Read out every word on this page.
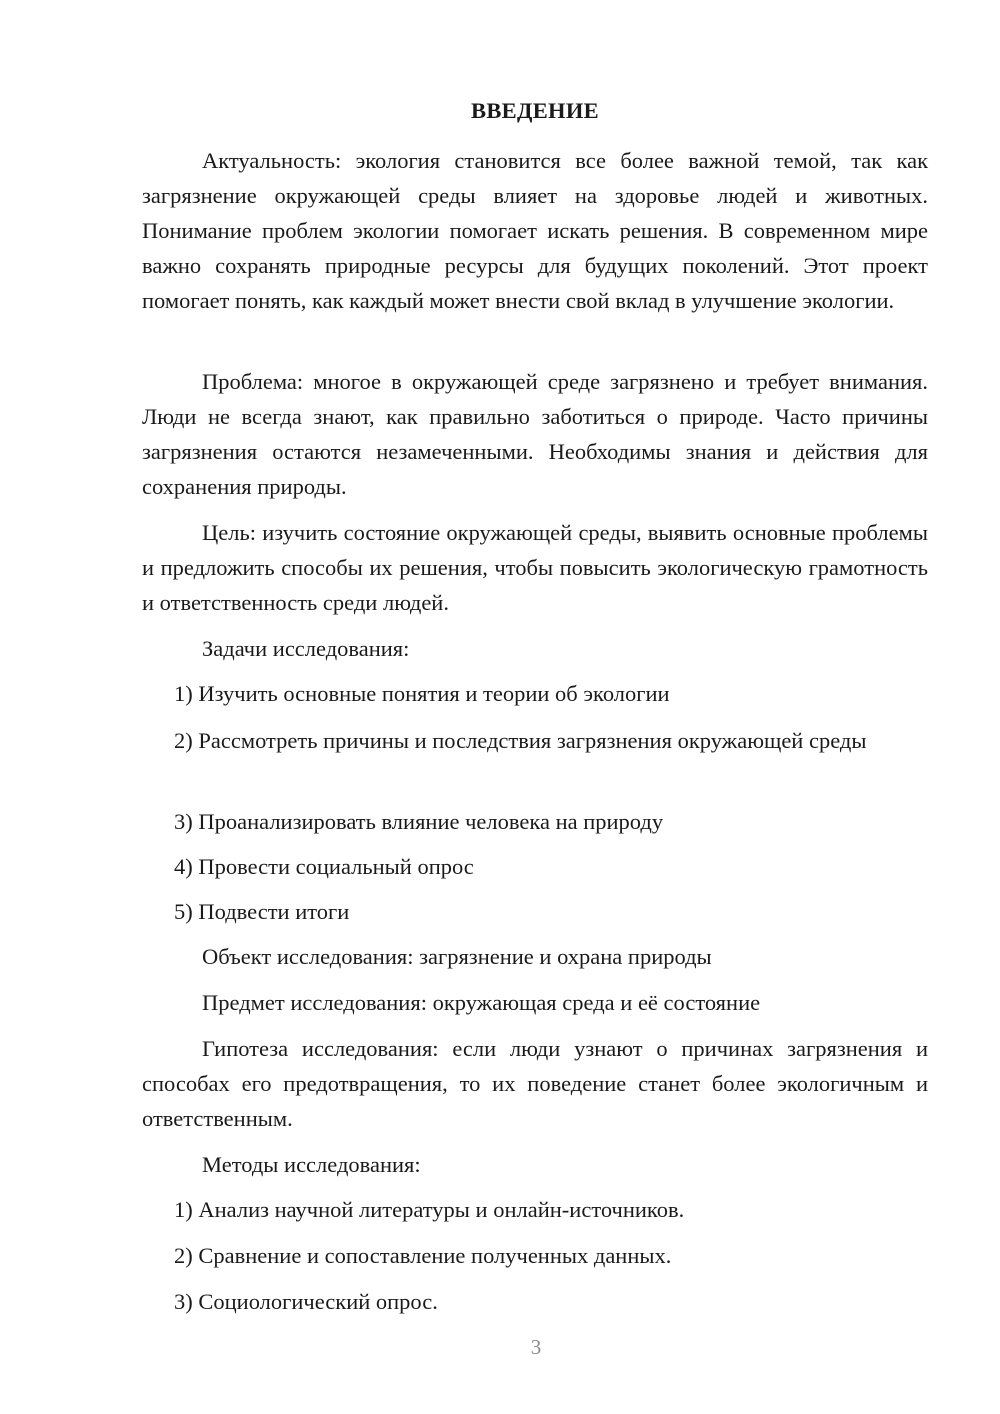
ВВЕДЕНИЕ

Актуальность: экология становится все более важной темой, так как загрязнение окружающей среды влияет на здоровье людей и животных. Понимание проблем экологии помогает искать решения. В современном мире важно сохранять природные ресурсы для будущих поколений. Этот проект помогает понять, как каждый может внести свой вклад в улучшение экологии.

Проблема: многое в окружающей среде загрязнено и требует внимания. Люди не всегда знают, как правильно заботиться о природе. Часто причины загрязнения остаются незамеченными. Необходимы знания и действия для сохранения природы.

Цель: изучить состояние окружающей среды, выявить основные проблемы и предложить способы их решения, чтобы повысить экологическую грамотность и ответственность среди людей.

Задачи исследования:

1) Изучить основные понятия и теории об экологии

2) Рассмотреть причины и последствия загрязнения окружающей среды

3) Проанализировать влияние человека на природу

4) Провести социальный опрос

5) Подвести итоги

Объект исследования: загрязнение и охрана природы

Предмет исследования: окружающая среда и её состояние

Гипотеза исследования: если люди узнают о причинах загрязнения и способах его предотвращения, то их поведение станет более экологичным и ответственным.

Методы исследования:

1) Анализ научной литературы и онлайн-источников.

2) Сравнение и сопоставление полученных данных.

3) Социологический опрос.

3
